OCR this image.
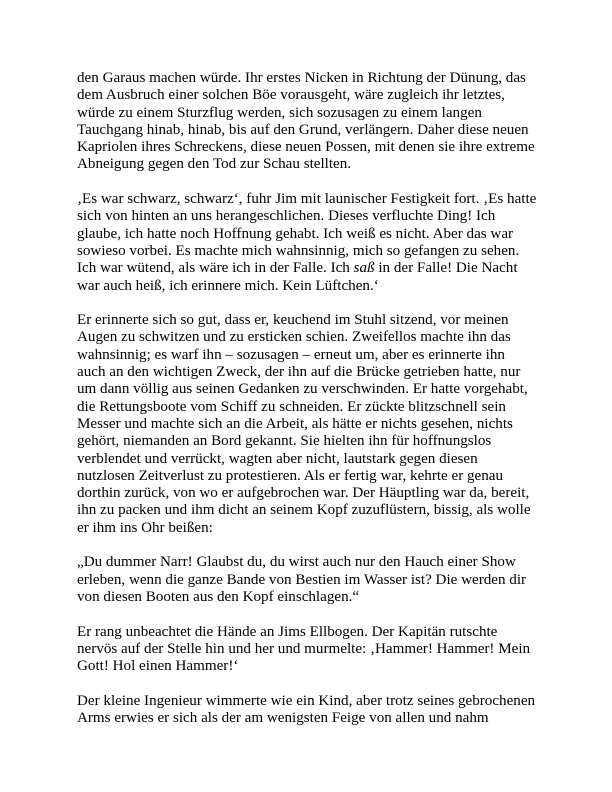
den Garaus machen würde. Ihr erstes Nicken in Richtung der Dünung, das dem Ausbruch einer solchen Böe vorausgeht, wäre zugleich ihr letztes, würde zu einem Sturzflug werden, sich sozusagen zu einem langen Tauchgang hinab, hinab, bis auf den Grund, verlängern. Daher diese neuen Kapriolen ihres Schreckens, diese neuen Possen, mit denen sie ihre extreme Abneigung gegen den Tod zur Schau stellten.

‚Es war schwarz, schwarz‘, fuhr Jim mit launischer Festigkeit fort. ‚Es hatte sich von hinten an uns herangeschlichen. Dieses verfluchte Ding! Ich glaube, ich hatte noch Hoffnung gehabt. Ich weiß es nicht. Aber das war sowieso vorbei. Es machte mich wahnsinnig, mich so gefangen zu sehen. Ich war wütend, als wäre ich in der Falle. Ich saß in der Falle! Die Nacht war auch heiß, ich erinnere mich. Kein Lüftchen.‘

Er erinnerte sich so gut, dass er, keuchend im Stuhl sitzend, vor meinen Augen zu schwitzen und zu ersticken schien. Zweifellos machte ihn das wahnsinnig; es warf ihn – sozusagen – erneut um, aber es erinnerte ihn auch an den wichtigen Zweck, der ihn auf die Brücke getrieben hatte, nur um dann völlig aus seinen Gedanken zu verschwinden. Er hatte vorgehabt, die Rettungsboote vom Schiff zu schneiden. Er zückte blitzschnell sein Messer und machte sich an die Arbeit, als hätte er nichts gesehen, nichts gehört, niemanden an Bord gekannt. Sie hielten ihn für hoffnungslos verblendet und verrückt, wagten aber nicht, lautstark gegen diesen nutzlosen Zeitverlust zu protestieren. Als er fertig war, kehrte er genau dorthin zurück, von wo er aufgebrochen war. Der Häuptling war da, bereit, ihn zu packen und ihm dicht an seinem Kopf zuzuflüstern, bissig, als wolle er ihm ins Ohr beißen:

„Du dummer Narr! Glaubst du, du wirst auch nur den Hauch einer Show erleben, wenn die ganze Bande von Bestien im Wasser ist? Die werden dir von diesen Booten aus den Kopf einschlagen.“

Er rang unbeachtet die Hände an Jims Ellbogen. Der Kapitän rutschte nervös auf der Stelle hin und her und murmelte: ‚Hammer! Hammer! Mein Gott! Hol einen Hammer!‘

Der kleine Ingenieur wimmerte wie ein Kind, aber trotz seines gebrochenen Arms erwies er sich als der am wenigsten Feige von allen und nahm
